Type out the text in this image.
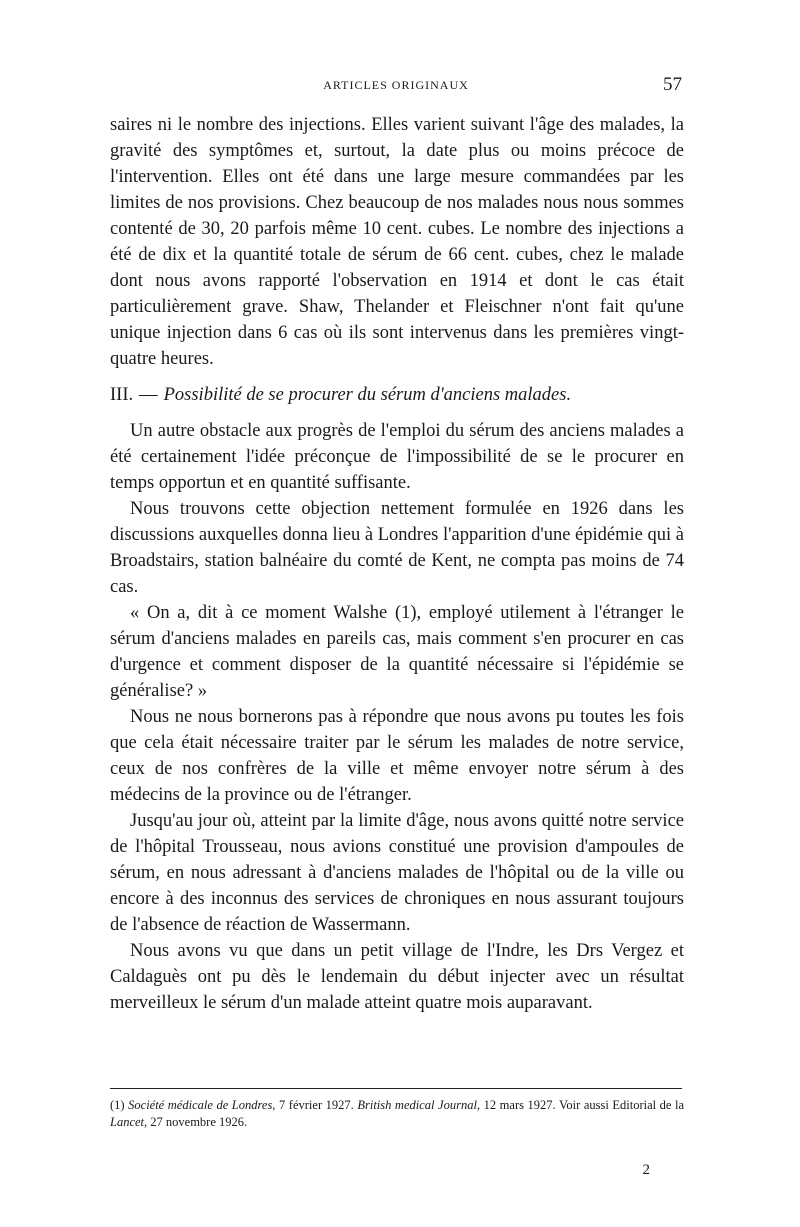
ARTICLES ORIGINAUX	57

saires ni le nombre des injections. Elles varient suivant l'âge des malades, la gravité des symptômes et, surtout, la date plus ou moins précoce de l'intervention. Elles ont été dans une large mesure commandées par les limites de nos provisions. Chez beaucoup de nos malades nous nous sommes contenté de 30, 20 parfois même 10 cent. cubes. Le nombre des injections a été de dix et la quantité totale de sérum de 66 cent. cubes, chez le malade dont nous avons rapporté l'observation en 1914 et dont le cas était particulièrement grave. Shaw, Thelander et Fleischner n'ont fait qu'une unique injection dans 6 cas où ils sont intervenus dans les premières vingt-quatre heures.

III. — Possibilité de se procurer du sérum d'anciens malades.

Un autre obstacle aux progrès de l'emploi du sérum des anciens malades a été certainement l'idée préconçue de l'impossibilité de se le procurer en temps opportun et en quantité suffisante.

Nous trouvons cette objection nettement formulée en 1926 dans les discussions auxquelles donna lieu à Londres l'apparition d'une épidémie qui à Broadstairs, station balnéaire du comté de Kent, ne compta pas moins de 74 cas.

« On a, dit à ce moment Walshe (1), employé utilement à l'étranger le sérum d'anciens malades en pareils cas, mais comment s'en procurer en cas d'urgence et comment disposer de la quantité nécessaire si l'épidémie se généralise? »

Nous ne nous bornerons pas à répondre que nous avons pu toutes les fois que cela était nécessaire traiter par le sérum les malades de notre service, ceux de nos confrères de la ville et même envoyer notre sérum à des médecins de la province ou de l'étranger.

Jusqu'au jour où, atteint par la limite d'âge, nous avons quitté notre service de l'hôpital Trousseau, nous avions constitué une provision d'ampoules de sérum, en nous adressant à d'anciens malades de l'hôpital ou de la ville ou encore à des inconnus des services de chroniques en nous assurant toujours de l'absence de réaction de Wassermann.

Nous avons vu que dans un petit village de l'Indre, les Drs Vergez et Caldaguès ont pu dès le lendemain du début injecter avec un résultat merveilleux le sérum d'un malade atteint quatre mois auparavant.

(1) Société médicale de Londres, 7 février 1927. British medical Journal, 12 mars 1927. Voir aussi Editorial de la Lancet, 27 novembre 1926.
2
